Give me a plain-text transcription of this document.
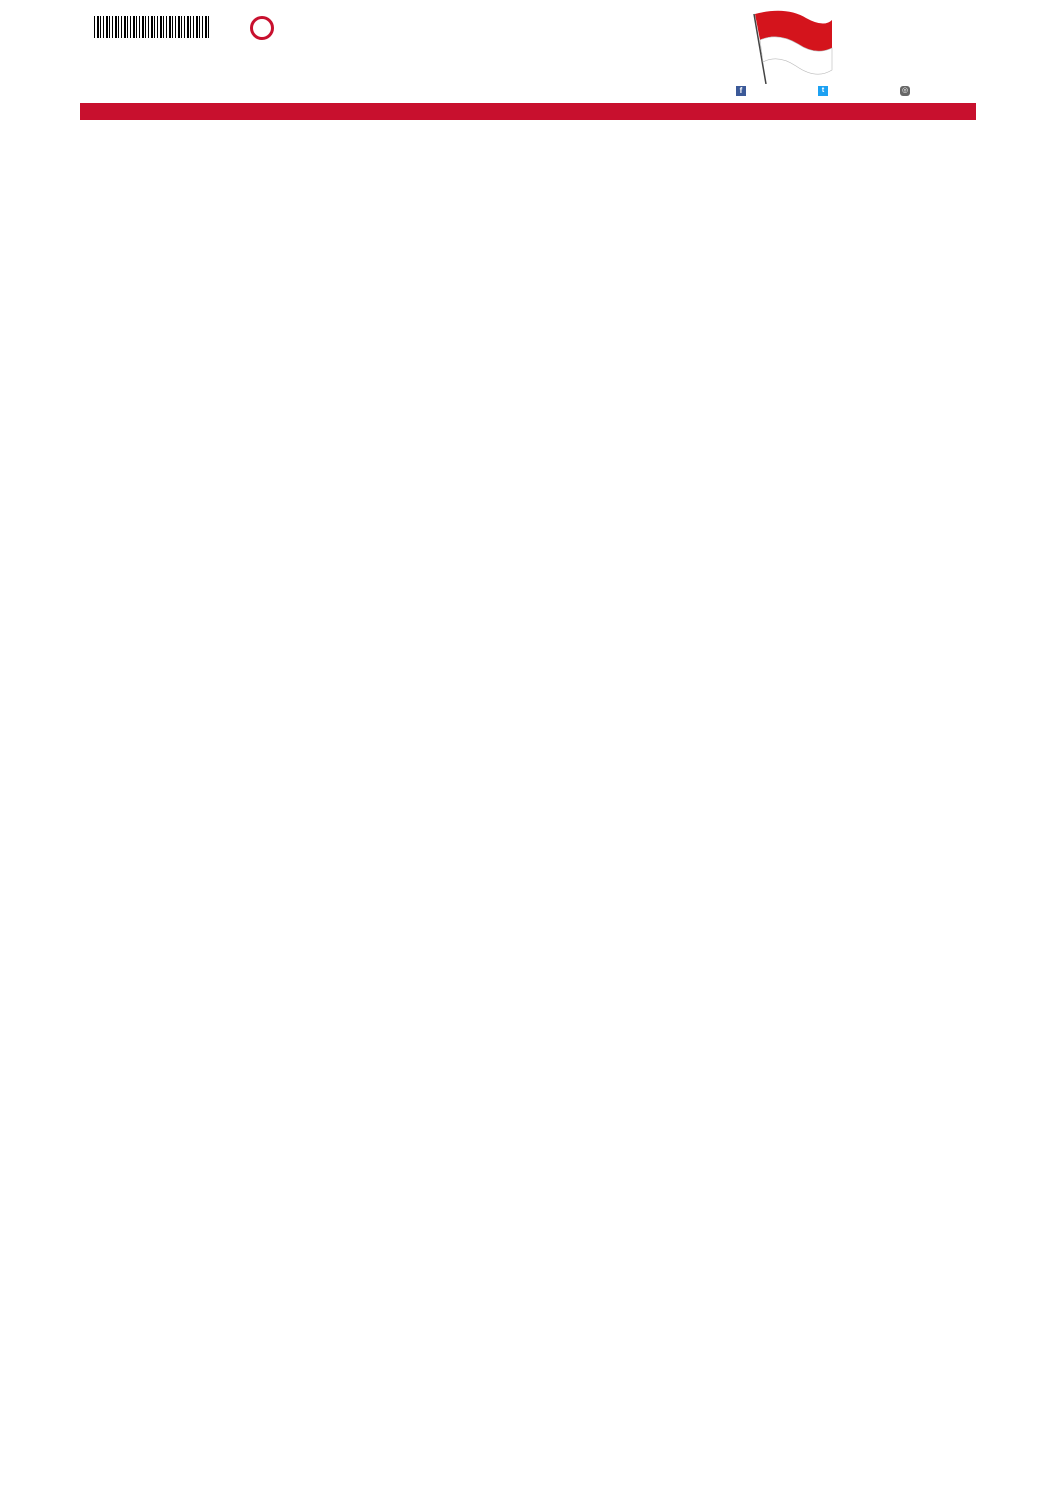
f	t	◎
